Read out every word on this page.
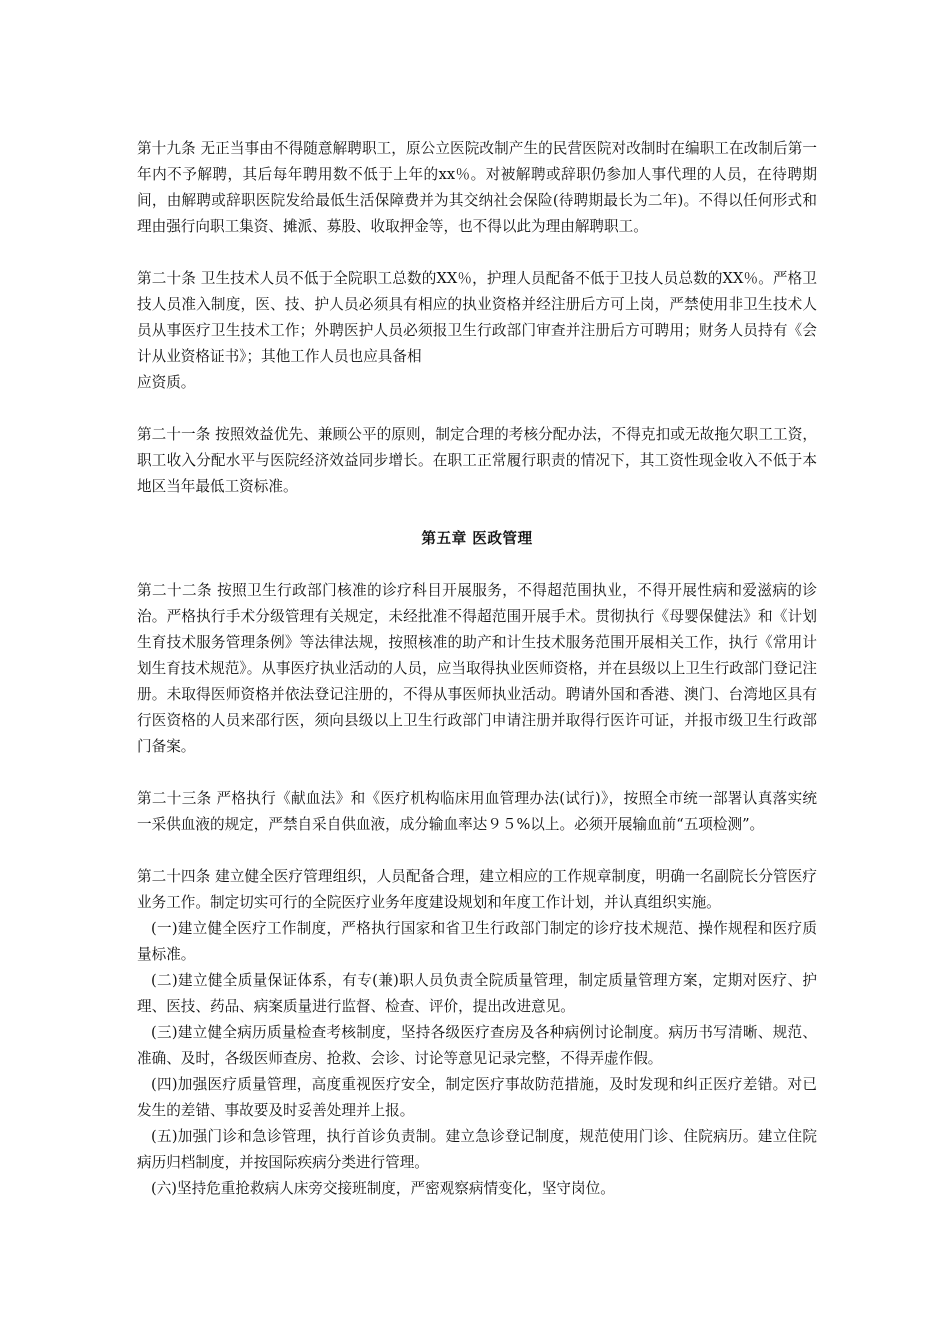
第十九条 无正当事由不得随意解聘职工，原公立医院改制产生的民营医院对改制时在编职工在改制后第一年内不予解聘，其后每年聘用数不低于上年的xx％。对被解聘或辞职仍参加人事代理的人员，在待聘期间，由解聘或辞职医院发给最低生活保障费并为其交纳社会保险(待聘期最长为二年)。不得以任何形式和理由强行向职工集资、摊派、募股、收取押金等，也不得以此为理由解聘职工。

第二十条 卫生技术人员不低于全院职工总数的XX％，护理人员配备不低于卫技人员总数的XX％。严格卫技人员准入制度，医、技、护人员必须具有相应的执业资格并经注册后方可上岗，严禁使用非卫生技术人员从事医疗卫生技术工作；外聘医护人员必须报卫生行政部门审查并注册后方可聘用；财务人员持有《会计从业资格证书》；其他工作人员也应具备相
应资质。

第二十一条 按照效益优先、兼顾公平的原则，制定合理的考核分配办法，不得克扣或无故拖欠职工工资，职工收入分配水平与医院经济效益同步增长。在职工正常履行职责的情况下，其工资性现金收入不低于本地区当年最低工资标准。

第五章 医政管理

第二十二条 按照卫生行政部门核准的诊疗科目开展服务，不得超范围执业，不得开展性病和爱滋病的诊治。严格执行手术分级管理有关规定，未经批准不得超范围开展手术。贯彻执行《母婴保健法》和《计划生育技术服务管理条例》等法律法规，按照核准的助产和计生技术服务范围开展相关工作，执行《常用计划生育技术规范》。从事医疗执业活动的人员，应当取得执业医师资格，并在县级以上卫生行政部门登记注册。未取得医师资格并依法登记注册的，不得从事医师执业活动。聘请外国和香港、澳门、台湾地区具有行医资格的人员来邵行医，须向县级以上卫生行政部门申请注册并取得行医许可证，并报市级卫生行政部门备案。

第二十三条 严格执行《献血法》和《医疗机构临床用血管理办法(试行)》，按照全市统一部署认真落实统一采供血液的规定，严禁自采自供血液，成分输血率达９５%以上。必须开展输血前“五项检测”。

第二十四条 建立健全医疗管理组织，人员配备合理，建立相应的工作规章制度，明确一名副院长分管医疗业务工作。制定切实可行的全院医疗业务年度建设规划和年度工作计划，并认真组织实施。

(一)建立健全医疗工作制度，严格执行国家和省卫生行政部门制定的诊疗技术规范、操作规程和医疗质量标准。

(二)建立健全质量保证体系，有专(兼)职人员负责全院质量管理，制定质量管理方案，定期对医疗、护理、医技、药品、病案质量进行监督、检查、评价，提出改进意见。

(三)建立健全病历质量检查考核制度，坚持各级医疗查房及各种病例讨论制度。病历书写清晰、规范、准确、及时，各级医师查房、抢救、会诊、讨论等意见记录完整，不得弄虚作假。

(四)加强医疗质量管理，高度重视医疗安全，制定医疗事故防范措施，及时发现和纠正医疗差错。对已发生的差错、事故要及时妥善处理并上报。

(五)加强门诊和急诊管理，执行首诊负责制。建立急诊登记制度，规范使用门诊、住院病历。建立住院病历归档制度，并按国际疾病分类进行管理。

(六)坚持危重抢救病人床旁交接班制度，严密观察病情变化，坚守岗位。
